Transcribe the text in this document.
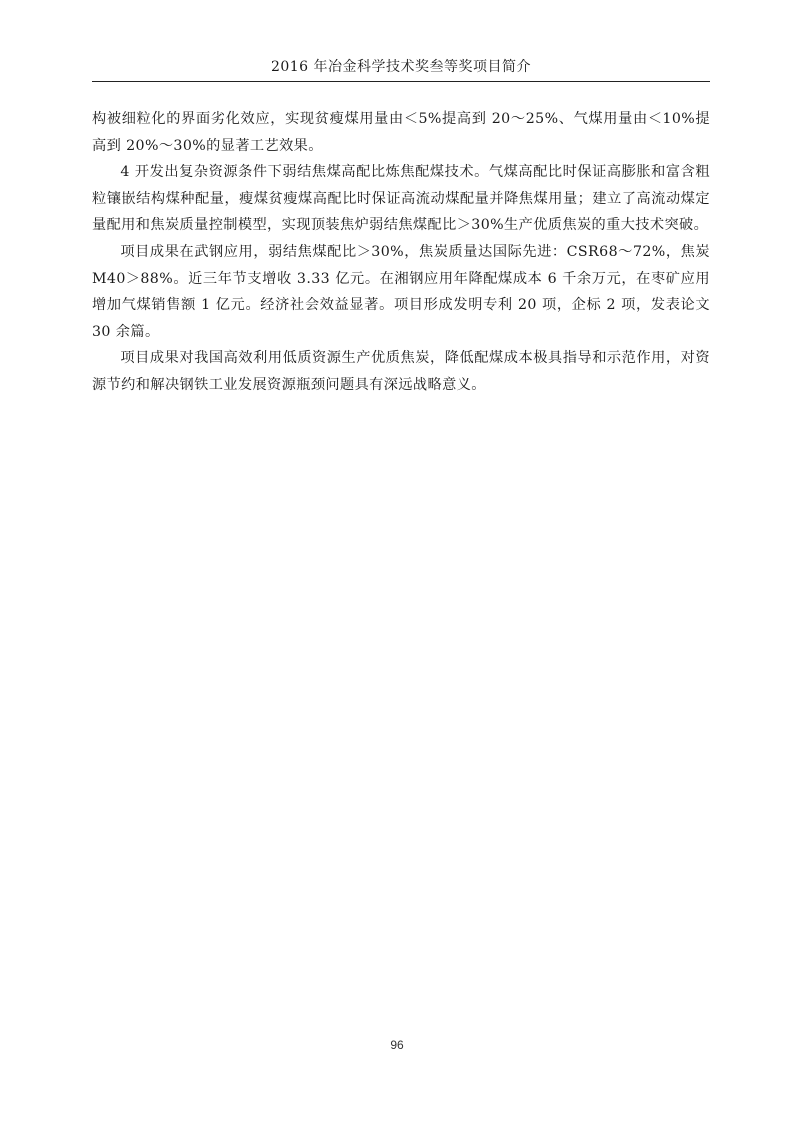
2016 年冶金科学技术奖叁等奖项目简介

构被细粒化的界面劣化效应，实现贫瘦煤用量由＜5%提高到 20～25%、气煤用量由＜10%提高到 20%～30%的显著工艺效果。

4 开发出复杂资源条件下弱结焦煤高配比炼焦配煤技术。气煤高配比时保证高膨胀和富含粗粒镶嵌结构煤种配量，瘦煤贫瘦煤高配比时保证高流动煤配量并降焦煤用量；建立了高流动煤定量配用和焦炭质量控制模型，实现顶装焦炉弱结焦煤配比＞30%生产优质焦炭的重大技术突破。

项目成果在武钢应用，弱结焦煤配比＞30%，焦炭质量达国际先进：CSR68～72%，焦炭 M40＞88%。近三年节支增收 3.33 亿元。在湘钢应用年降配煤成本 6 千余万元，在枣矿应用增加气煤销售额 1 亿元。经济社会效益显著。项目形成发明专利 20 项，企标 2 项，发表论文 30 余篇。

项目成果对我国高效利用低质资源生产优质焦炭，降低配煤成本极具指导和示范作用，对资源节约和解决钢铁工业发展资源瓶颈问题具有深远战略意义。

96
